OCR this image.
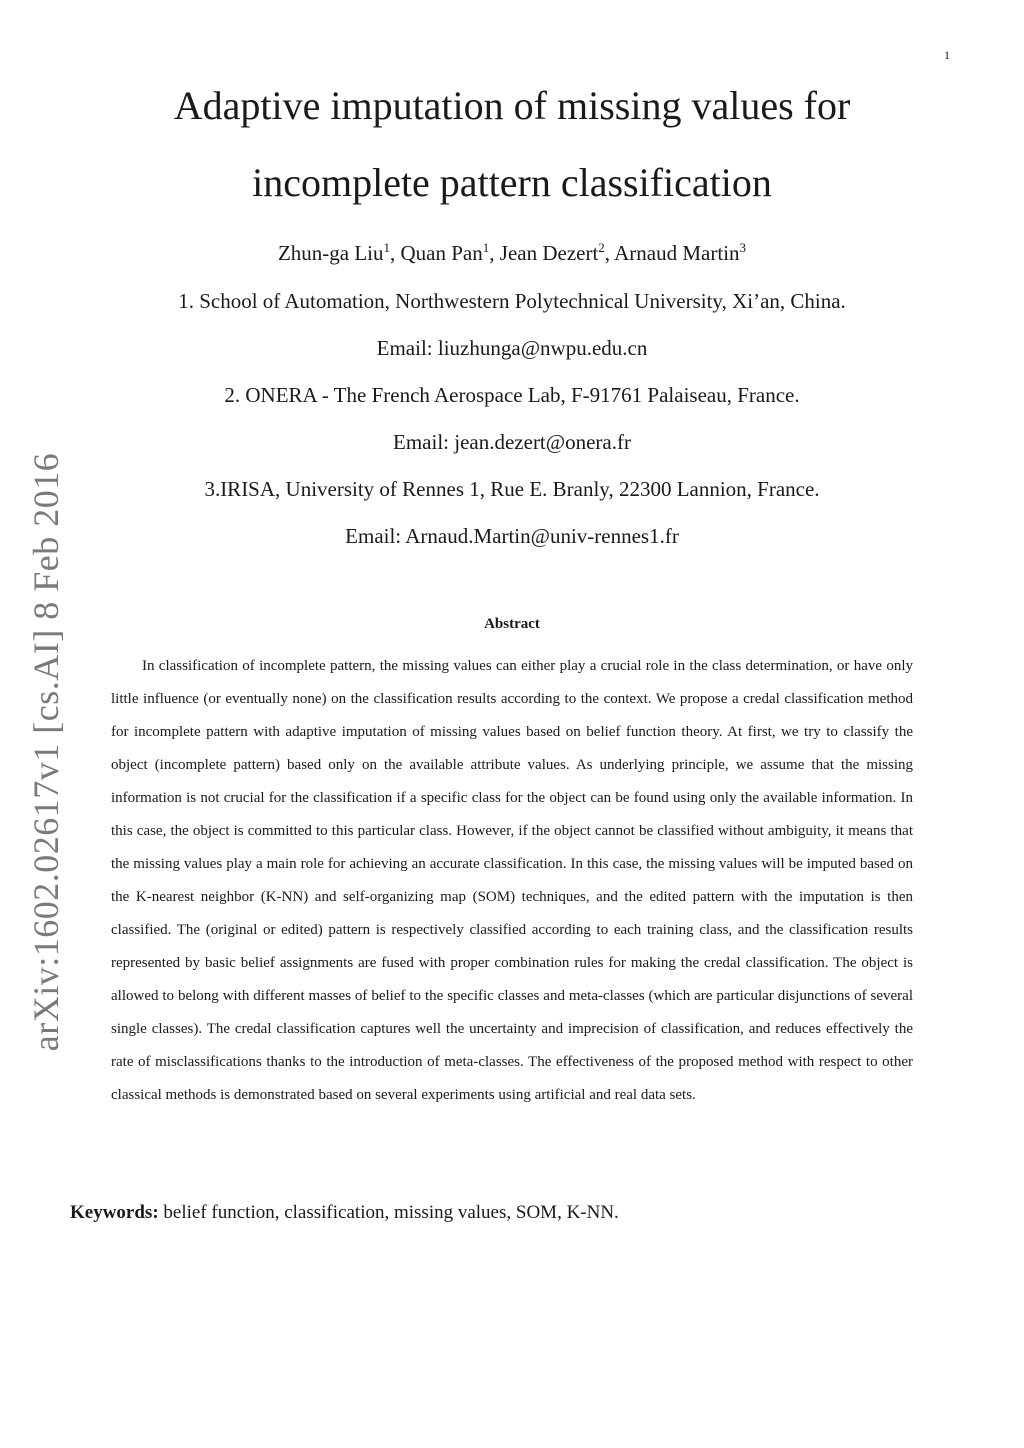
1
arXiv:1602.02617v1 [cs.AI] 8 Feb 2016
Adaptive imputation of missing values for
incomplete pattern classification
Zhun-ga Liu$^1$, Quan Pan$^1$, Jean Dezert$^2$, Arnaud Martin$^3$
1. School of Automation, Northwestern Polytechnical University, Xi’an, China.
Email: liuzhunga@nwpu.edu.cn
2. ONERA - The French Aerospace Lab, F-91761 Palaiseau, France.
Email: jean.dezert@onera.fr
3.IRISA, University of Rennes 1, Rue E. Branly, 22300 Lannion, France.
Email: Arnaud.Martin@univ-rennes1.fr
Abstract

In classification of incomplete pattern, the missing values can either play a crucial role in the class determination, or have only little influence (or eventually none) on the classification results according to the context. We propose a credal classification method for incomplete pattern with adaptive imputation of missing values based on belief function theory. At first, we try to classify the object (incomplete pattern) based only on the available attribute values. As underlying principle, we assume that the missing information is not crucial for the classification if a specific class for the object can be found using only the available information. In this case, the object is committed to this particular class. However, if the object cannot be classified without ambiguity, it means that the missing values play a main role for achieving an accurate classification. In this case, the missing values will be imputed based on the K-nearest neighbor (K-NN) and self-organizing map (SOM) techniques, and the edited pattern with the imputation is then classified. The (original or edited) pattern is respectively classified according to each training class, and the classification results represented by basic belief assignments are fused with proper combination rules for making the credal classification. The object is allowed to belong with different masses of belief to the specific classes and meta-classes (which are particular disjunctions of several single classes). The credal classification captures well the uncertainty and imprecision of classification, and reduces effectively the rate of misclassifications thanks to the introduction of meta-classes. The effectiveness of the proposed method with respect to other classical methods is demonstrated based on several experiments using artificial and real data sets.

Keywords: belief function, classification, missing values, SOM, K-NN.
